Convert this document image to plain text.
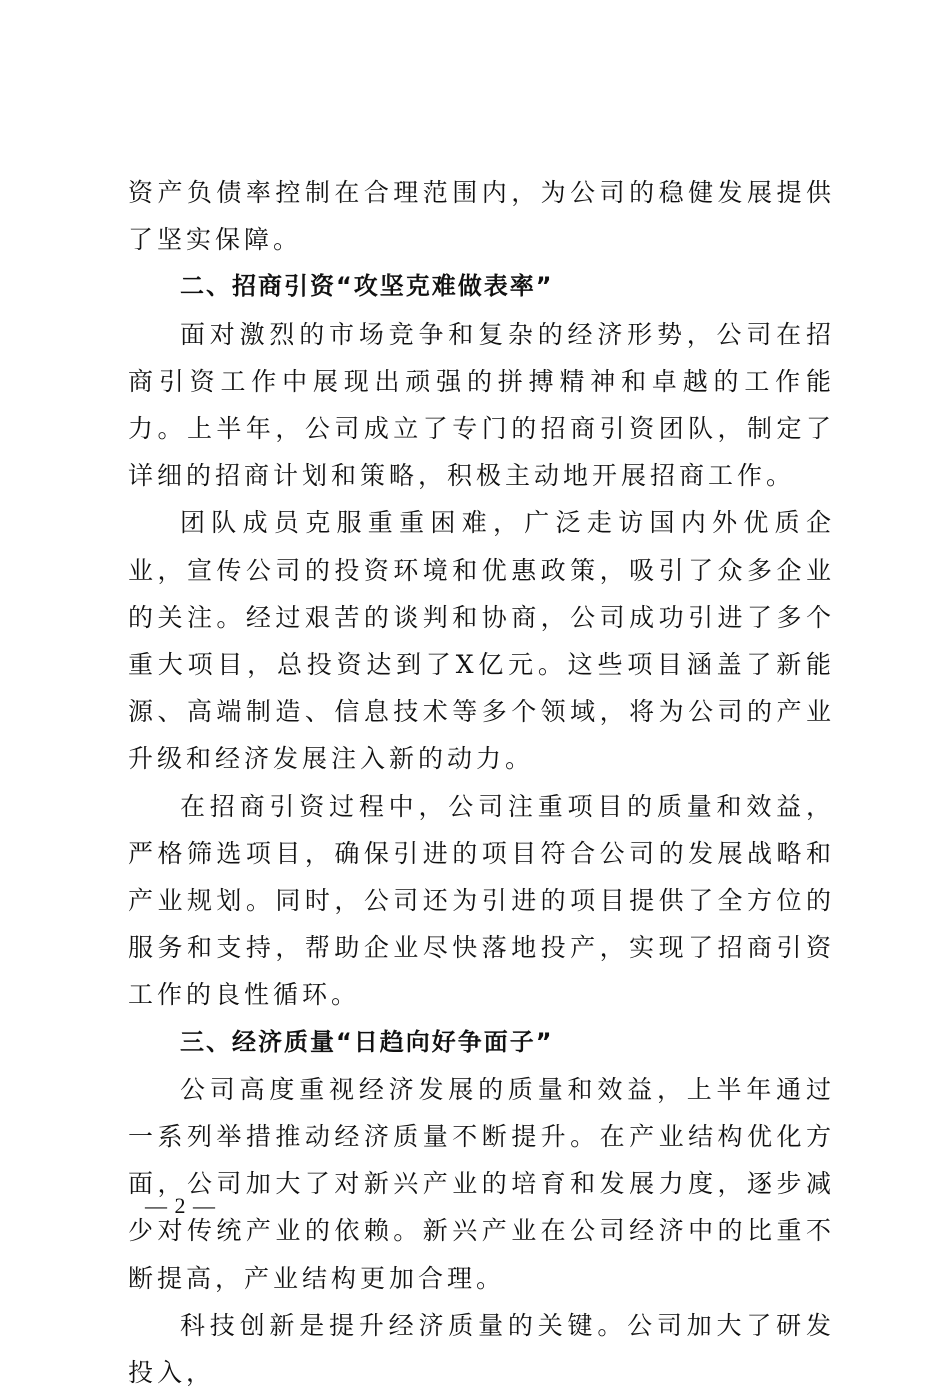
资产负债率控制在合理范围内，为公司的稳健发展提供了坚实保障。

二、招商引资“攻坚克难做表率”

面对激烈的市场竞争和复杂的经济形势，公司在招商引资工作中展现出顽强的拼搏精神和卓越的工作能力。上半年，公司成立了专门的招商引资团队，制定了详细的招商计划和策略，积极主动地开展招商工作。

团队成员克服重重困难，广泛走访国内外优质企业，宣传公司的投资环境和优惠政策，吸引了众多企业的关注。经过艰苦的谈判和协商，公司成功引进了多个重大项目，总投资达到了X亿元。这些项目涵盖了新能源、高端制造、信息技术等多个领域，将为公司的产业升级和经济发展注入新的动力。

在招商引资过程中，公司注重项目的质量和效益，严格筛选项目，确保引进的项目符合公司的发展战略和产业规划。同时，公司还为引进的项目提供了全方位的服务和支持，帮助企业尽快落地投产，实现了招商引资工作的良性循环。

三、经济质量“日趋向好争面子”

公司高度重视经济发展的质量和效益，上半年通过一系列举措推动经济质量不断提升。在产业结构优化方面，公司加大了对新兴产业的培育和发展力度，逐步减少对传统产业的依赖。新兴产业在公司经济中的比重不断提高，产业结构更加合理。

科技创新是提升经济质量的关键。公司加大了研发投入，

— 2 —
